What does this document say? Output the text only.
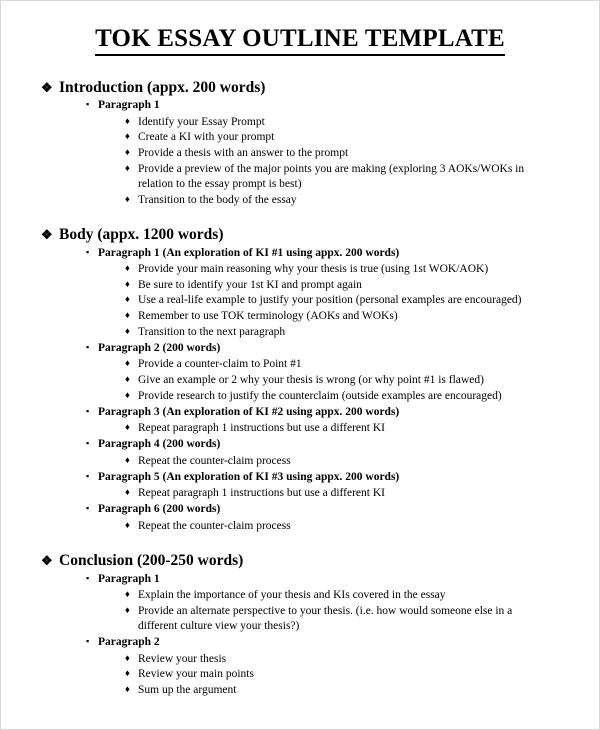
TOK ESSAY OUTLINE TEMPLATE
❖ Introduction (appx. 200 words)
▪ Paragraph 1
♦ Identify your Essay Prompt
♦ Create a KI with your prompt
♦ Provide a thesis with an answer to the prompt
♦ Provide a preview of the major points you are making (exploring 3 AOKs/WOKs in relation to the essay prompt is best)
♦ Transition to the body of the essay
❖ Body (appx. 1200 words)
▪ Paragraph 1 (An exploration of KI #1 using appx. 200 words)
♦ Provide your main reasoning why your thesis is true (using 1st WOK/AOK)
♦ Be sure to identify your 1st KI and prompt again
♦ Use a real-life example to justify your position (personal examples are encouraged)
♦ Remember to use TOK terminology (AOKs and WOKs)
♦ Transition to the next paragraph
▪ Paragraph 2 (200 words)
♦ Provide a counter-claim to Point #1
♦ Give an example or 2 why your thesis is wrong (or why point #1 is flawed)
♦ Provide research to justify the counterclaim (outside examples are encouraged)
▪ Paragraph 3 (An exploration of KI #2 using appx. 200 words)
♦ Repeat paragraph 1 instructions but use a different KI
▪ Paragraph 4 (200 words)
♦ Repeat the counter-claim process
▪ Paragraph 5 (An exploration of KI #3 using appx. 200 words)
♦ Repeat paragraph 1 instructions but use a different KI
▪ Paragraph 6 (200 words)
♦ Repeat the counter-claim process
❖ Conclusion (200-250 words)
▪ Paragraph 1
♦ Explain the importance of your thesis and KIs covered in the essay
♦ Provide an alternate perspective to your thesis. (i.e. how would someone else in a different culture view your thesis?)
▪ Paragraph 2
♦ Review your thesis
♦ Review your main points
♦ Sum up the argument
